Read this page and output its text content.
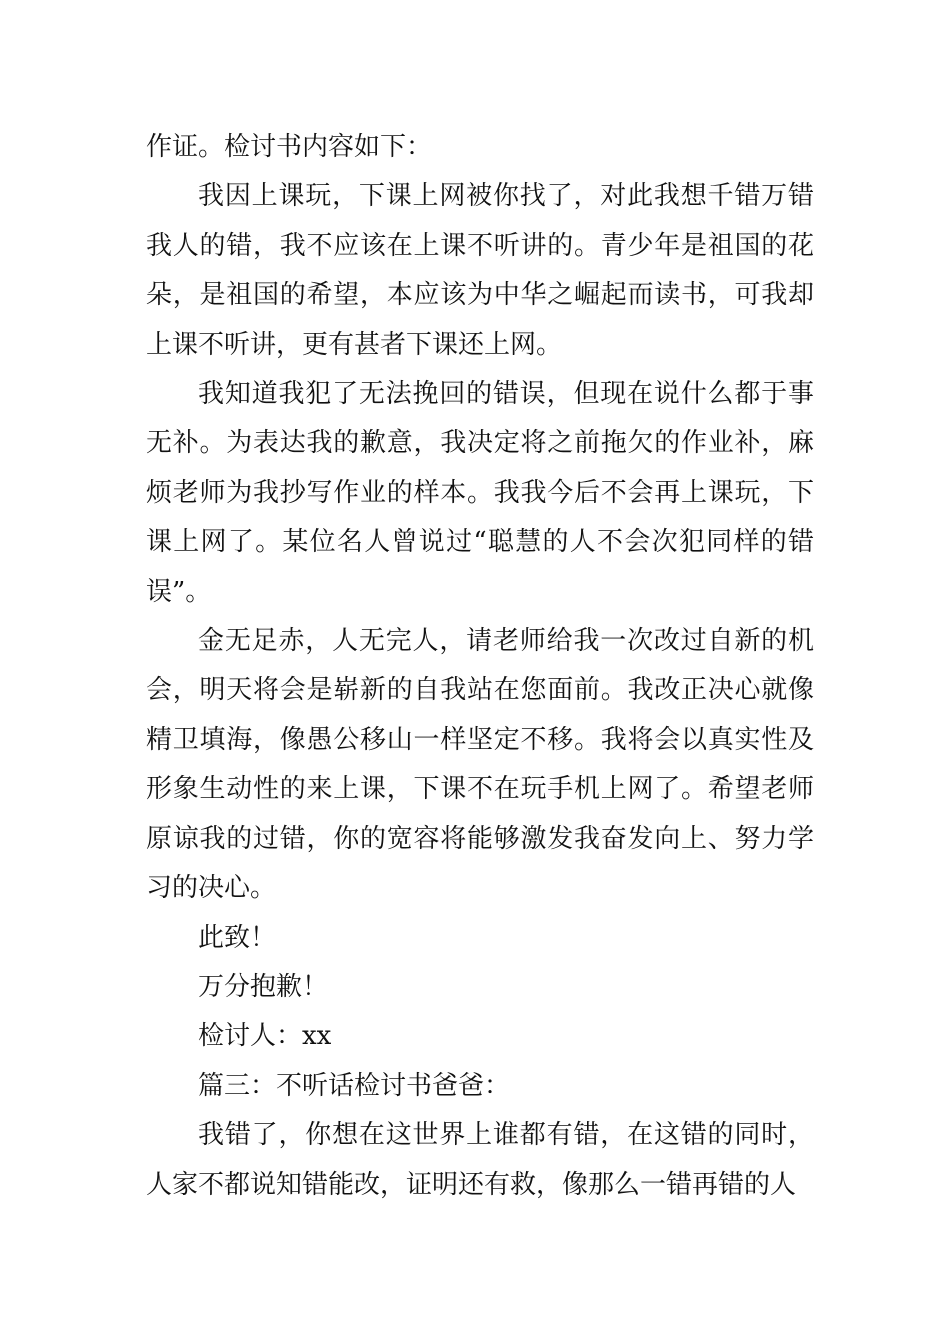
作证。检讨书内容如下：

我因上课玩，下课上网被你找了，对此我想千错万错我人的错，我不应该在上课不听讲的。青少年是祖国的花朵，是祖国的希望，本应该为中华之崛起而读书，可我却上课不听讲，更有甚者下课还上网。

我知道我犯了无法挽回的错误，但现在说什么都于事无补。为表达我的歉意，我决定将之前拖欠的作业补，麻烦老师为我抄写作业的样本。我我今后不会再上课玩，下课上网了。某位名人曾说过“聪慧的人不会次犯同样的错误”。

金无足赤，人无完人，请老师给我一次改过自新的机会，明天将会是崭新的自我站在您面前。我改正决心就像精卫填海，像愚公移山一样坚定不移。我将会以真实性及形象生动性的来上课，下课不在玩手机上网了。希望老师原谅我的过错，你的宽容将能够激发我奋发向上、努力学习的决心。

此致！

万分抱歉！

检讨人：xx

篇三：不听话检讨书爸爸：

我错了，你想在这世界上谁都有错，在这错的同时，人家不都说知错能改，证明还有救，像那么一错再错的人
